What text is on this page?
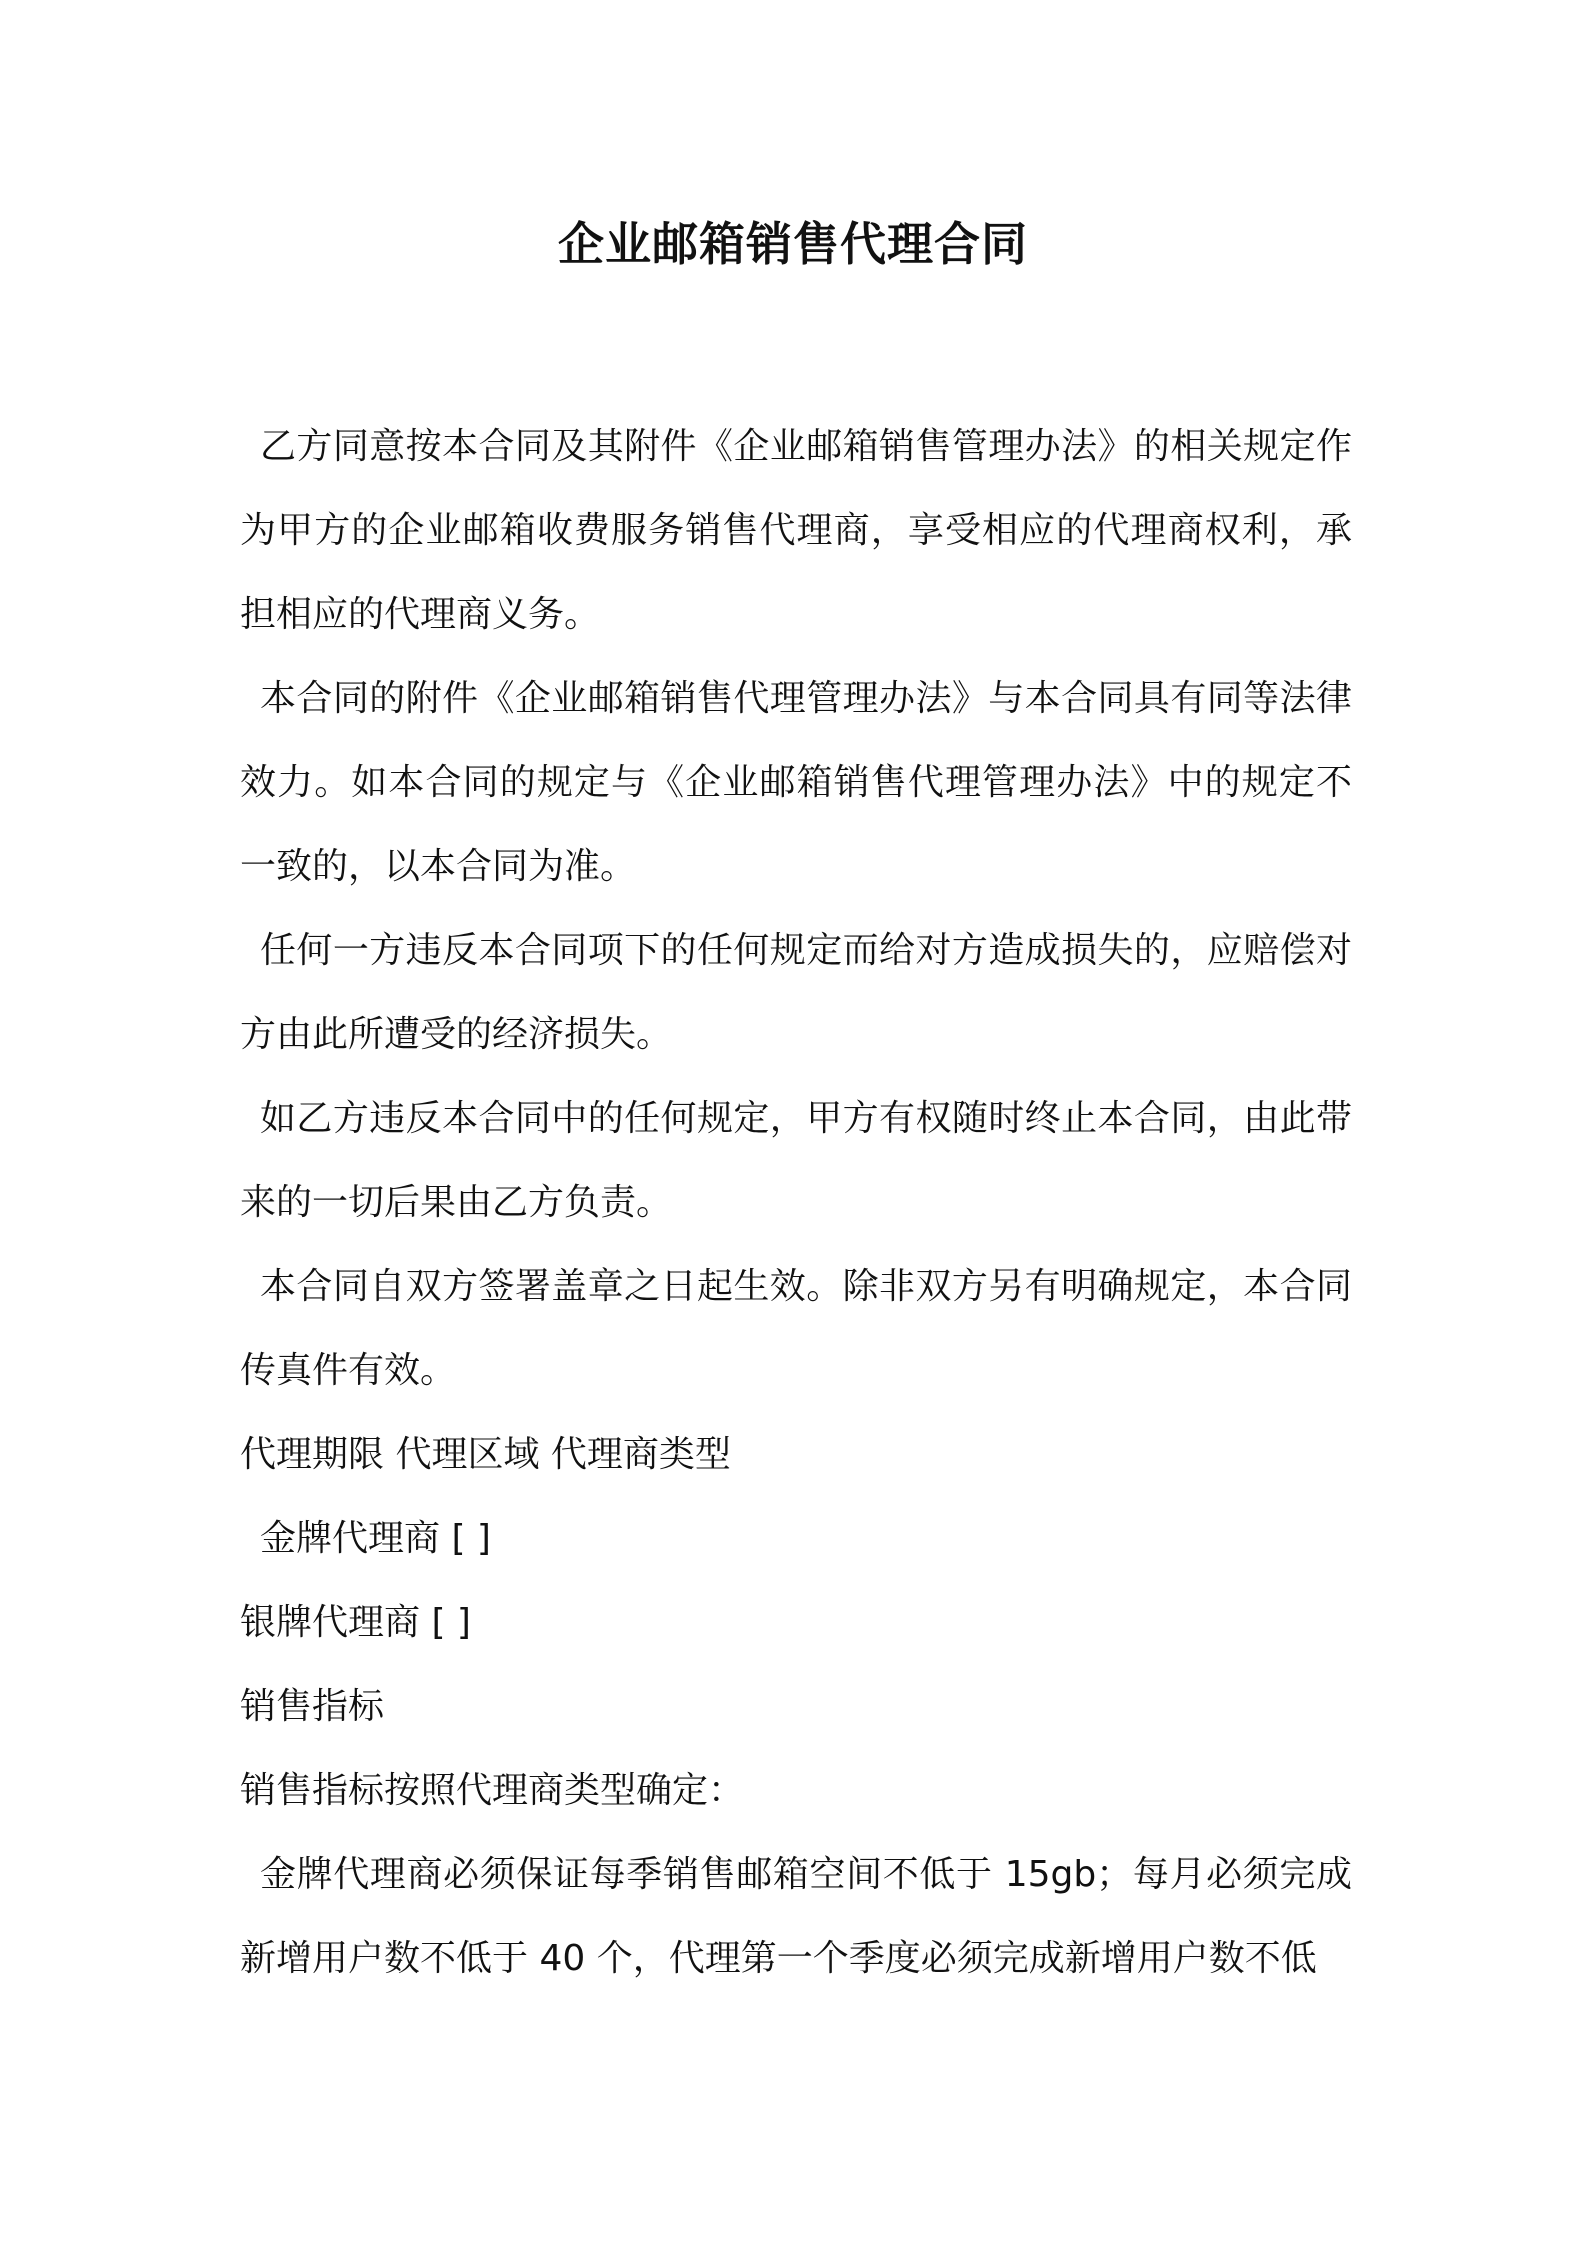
企业邮箱销售代理合同

乙方同意按本合同及其附件《企业邮箱销售管理办法》的相关规定作为甲方的企业邮箱收费服务销售代理商，享受相应的代理商权利，承担相应的代理商义务。

本合同的附件《企业邮箱销售代理管理办法》与本合同具有同等法律效力。如本合同的规定与《企业邮箱销售代理管理办法》中的规定不一致的，以本合同为准。

任何一方违反本合同项下的任何规定而给对方造成损失的，应赔偿对方由此所遭受的经济损失。

如乙方违反本合同中的任何规定，甲方有权随时终止本合同，由此带来的一切后果由乙方负责。

本合同自双方签署盖章之日起生效。除非双方另有明确规定，本合同传真件有效。

代理期限 代理区域 代理商类型

金牌代理商 [ ]

银牌代理商 [ ]

销售指标

销售指标按照代理商类型确定：

金牌代理商必须保证每季销售邮箱空间不低于 15gb；每月必须完成新增用户数不低于 40 个，代理第一个季度必须完成新增用户数不低
